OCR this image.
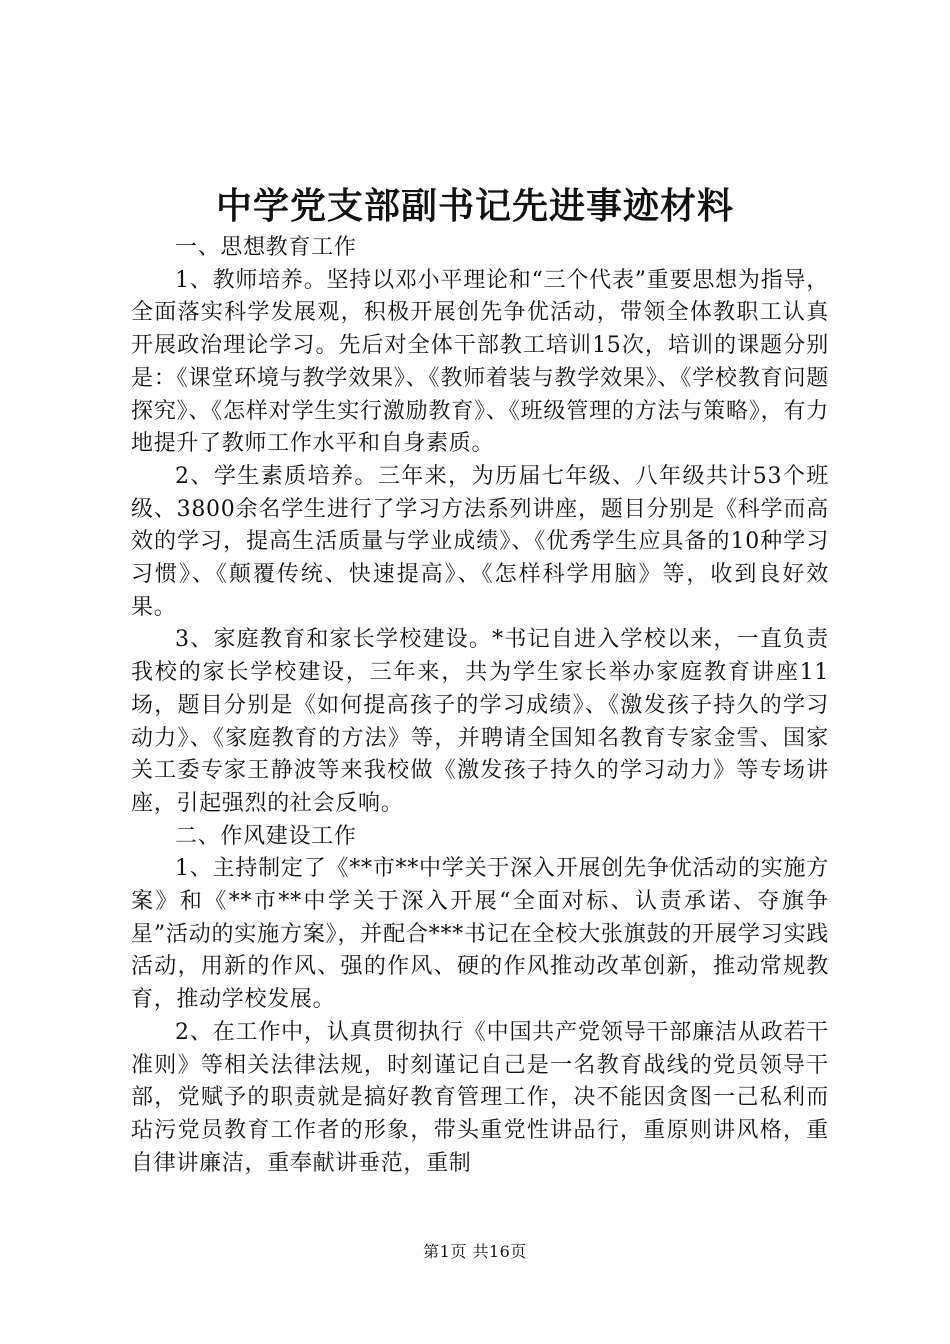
中学党支部副书记先进事迹材料

一、思想教育工作

1、教师培养。坚持以邓小平理论和“三个代表”重要思想为指导，全面落实科学发展观，积极开展创先争优活动，带领全体教职工认真开展政治理论学习。先后对全体干部教工培训15次，培训的课题分别是：《课堂环境与教学效果》、《教师着装与教学效果》、《学校教育问题探究》、《怎样对学生实行激励教育》、《班级管理的方法与策略》，有力地提升了教师工作水平和自身素质。

2、学生素质培养。三年来，为历届七年级、八年级共计53个班级、3800余名学生进行了学习方法系列讲座，题目分别是《科学而高效的学习，提高生活质量与学业成绩》、《优秀学生应具备的10种学习习惯》、《颠覆传统、快速提高》、《怎样科学用脑》等，收到良好效果。

3、家庭教育和家长学校建设。*书记自进入学校以来，一直负责我校的家长学校建设，三年来，共为学生家长举办家庭教育讲座11场，题目分别是《如何提高孩子的学习成绩》、《激发孩子持久的学习动力》、《家庭教育的方法》等，并聘请全国知名教育专家金雪、国家关工委专家王静波等来我校做《激发孩子持久的学习动力》等专场讲座，引起强烈的社会反响。

二、作风建设工作

1、主持制定了《**市**中学关于深入开展创先争优活动的实施方案》和《**市**中学关于深入开展“全面对标、认责承诺、夺旗争星”活动的实施方案》，并配合***书记在全校大张旗鼓的开展学习实践活动，用新的作风、强的作风、硬的作风推动改革创新，推动常规教育，推动学校发展。

2、在工作中，认真贯彻执行《中国共产党领导干部廉洁从政若干准则》等相关法律法规，时刻谨记自己是一名教育战线的党员领导干部，党赋予的职责就是搞好教育管理工作，决不能因贪图一己私利而玷污党员教育工作者的形象，带头重党性讲品行，重原则讲风格，重自律讲廉洁，重奉献讲垂范，重制

第1页 共16页
